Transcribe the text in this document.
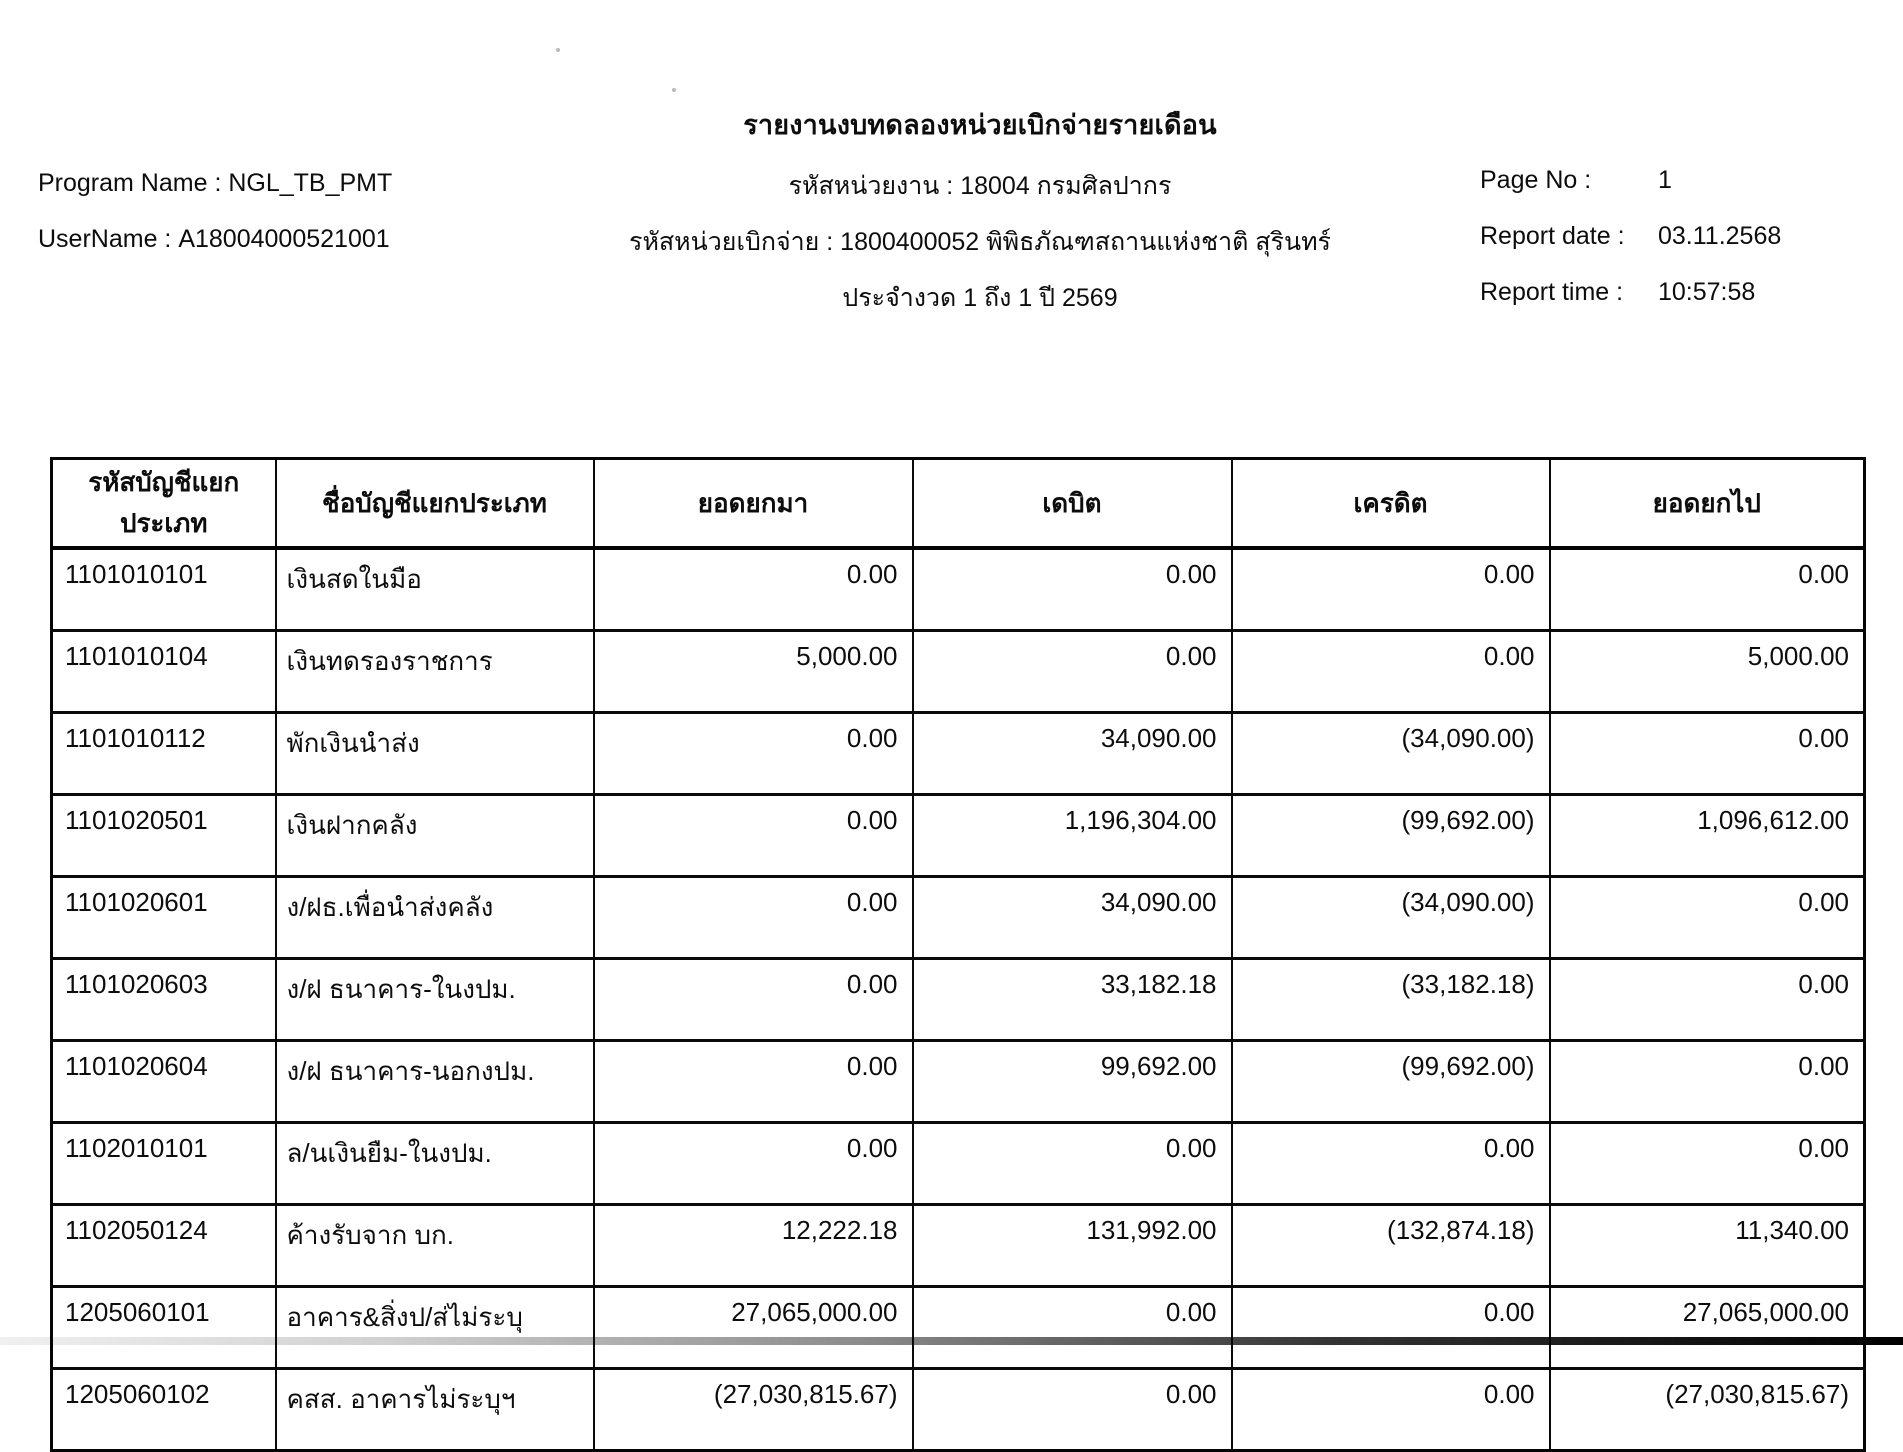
รายงานงบทดลองหน่วยเบิกจ่ายรายเดือน
Program Name : NGL_TB_PMT
UserName : A18004000521001
รหัสหน่วยงาน : 18004 กรมศิลปากร
รหัสหน่วยเบิกจ่าย : 1800400052 พิพิธภัณฑสถานแห่งชาติ สุรินทร์
ประจำงวด 1 ถึง 1 ปี 2569
Page No :	1
Report date : 03.11.2568
Report time : 10:57:58
รหัสบัญชีแยกประเภท	ชื่อบัญชีแยกประเภท	ยอดยกมา	เดบิต	เครดิต	ยอดยกไป
1101010101	เงินสดในมือ	0.00	0.00	0.00	0.00
1101010104	เงินทดรองราชการ	5,000.00	0.00	0.00	5,000.00
1101010112	พักเงินนำส่ง	0.00	34,090.00	(34,090.00)	0.00
1101020501	เงินฝากคลัง	0.00	1,196,304.00	(99,692.00)	1,096,612.00
1101020601	ง/ฝธ.เพื่อนำส่งคลัง	0.00	34,090.00	(34,090.00)	0.00
1101020603	ง/ฝ ธนาคาร-ในงปม.	0.00	33,182.18	(33,182.18)	0.00
1101020604	ง/ฝ ธนาคาร-นอกงปม.	0.00	99,692.00	(99,692.00)	0.00
1102010101	ล/นเงินยืม-ในงปม.	0.00	0.00	0.00	0.00
1102050124	ค้างรับจาก บก.	12,222.18	131,992.00	(132,874.18)	11,340.00
1205060101	อาคาร&สิ่งป/ส่ไม่ระบุ	27,065,000.00	0.00	0.00	27,065,000.00
1205060102	คสส. อาคารไม่ระบุฯ	(27,030,815.67)	0.00	0.00	(27,030,815.67)
